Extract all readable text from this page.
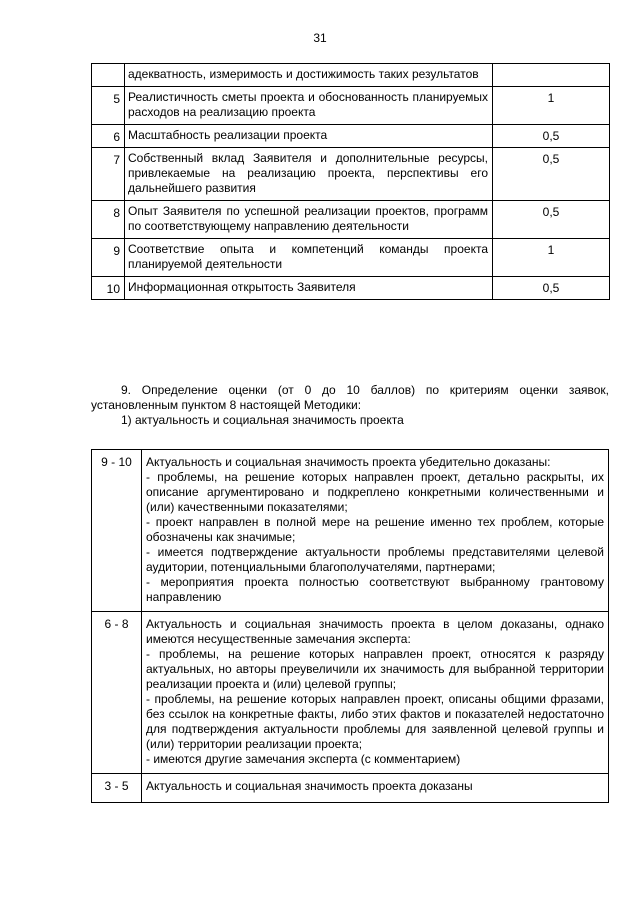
31
	адекватность, измеримость и достижимость таких результатов	
5	Реалистичность сметы проекта и обоснованность планируемых расходов на реализацию проекта	1
6	Масштабность реализации проекта	0,5
7	Собственный вклад Заявителя и дополнительные ресурсы, привлекаемые на реализацию проекта, перспективы его дальнейшего развития	0,5
8	Опыт Заявителя по успешной реализации проектов, программ по соответствующему направлению деятельности	0,5
9	Соответствие опыта и компетенций команды проекта планируемой деятельности	1
10	Информационная открытость Заявителя	0,5
9. Определение оценки (от 0 до 10 баллов) по критериям оценки заявок, установленным пунктом 8 настоящей Методики:
1) актуальность и социальная значимость проекта
9 - 10	Актуальность и социальная значимость проекта убедительно доказаны:
- проблемы, на решение которых направлен проект, детально раскрыты, их описание аргументировано и подкреплено конкретными количественными и (или) качественными показателями;
- проект направлен в полной мере на решение именно тех проблем, которые обозначены как значимые;
- имеется подтверждение актуальности проблемы представителями целевой аудитории, потенциальными благополучателями, партнерами;
- мероприятия проекта полностью соответствуют выбранному грантовому направлению

6 - 8	Актуальность и социальная значимость проекта в целом доказаны, однако имеются несущественные замечания эксперта:
- проблемы, на решение которых направлен проект, относятся к разряду актуальных, но авторы преувеличили их значимость для выбранной территории реализации проекта и (или) целевой группы;
- проблемы, на решение которых направлен проект, описаны общими фразами, без ссылок на конкретные факты, либо этих фактов и показателей недостаточно для подтверждения актуальности проблемы для заявленной целевой группы и (или) территории реализации проекта;
- имеются другие замечания эксперта (с комментарием)

3 - 5	Актуальность и социальная значимость проекта доказаны
